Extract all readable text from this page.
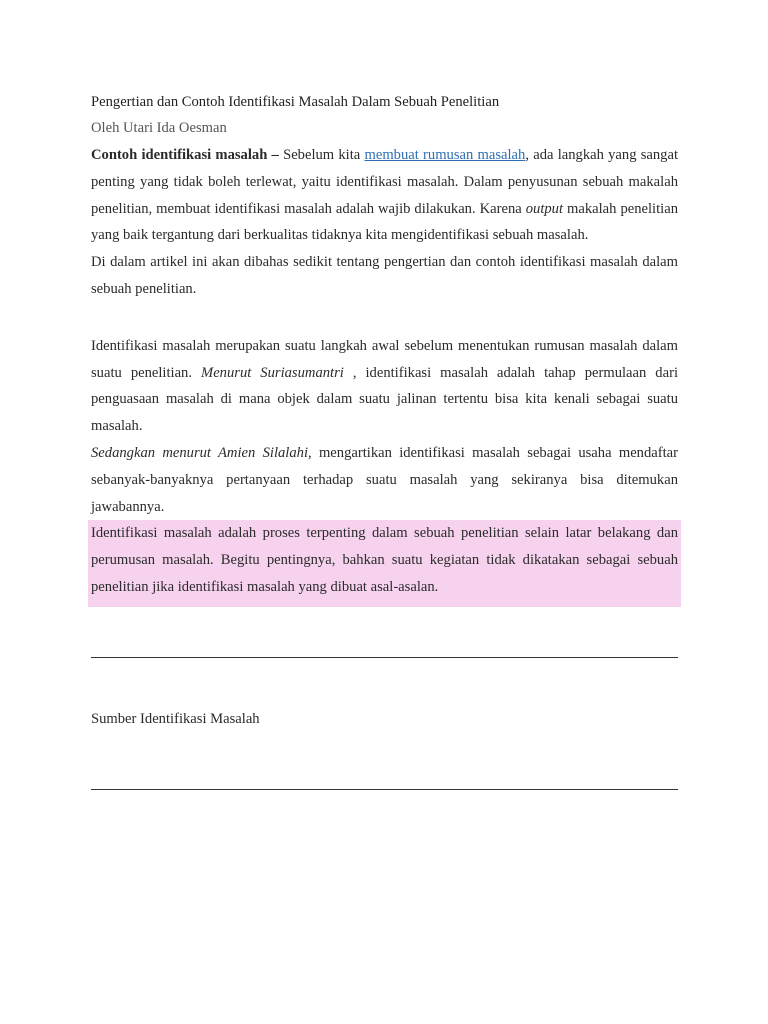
Pengertian dan Contoh Identifikasi Masalah Dalam Sebuah Penelitian
Oleh Utari Ida Oesman

Contoh identifikasi masalah – Sebelum kita membuat rumusan masalah, ada langkah yang sangat penting yang tidak boleh terlewat, yaitu identifikasi masalah. Dalam penyusunan sebuah makalah penelitian, membuat identifikasi masalah adalah wajib dilakukan. Karena output makalah penelitian yang baik tergantung dari berkualitas tidaknya kita mengidentifikasi sebuah masalah.

Di dalam artikel ini akan dibahas sedikit tentang pengertian dan contoh identifikasi masalah dalam sebuah penelitian.

Identifikasi masalah merupakan suatu langkah awal sebelum menentukan rumusan masalah dalam suatu penelitian. Menurut Suriasumantri , identifikasi masalah adalah tahap permulaan dari penguasaan masalah di mana objek dalam suatu jalinan tertentu bisa kita kenali sebagai suatu masalah.

Sedangkan menurut Amien Silalahi, mengartikan identifikasi masalah sebagai usaha mendaftar sebanyak-banyaknya pertanyaan terhadap suatu masalah yang sekiranya bisa ditemukan jawabannya.

Identifikasi masalah adalah proses terpenting dalam sebuah penelitian selain latar belakang dan perumusan masalah. Begitu pentingnya, bahkan suatu kegiatan tidak dikatakan sebagai sebuah penelitian jika identifikasi masalah yang dibuat asal-asalan.

Sumber Identifikasi Masalah
